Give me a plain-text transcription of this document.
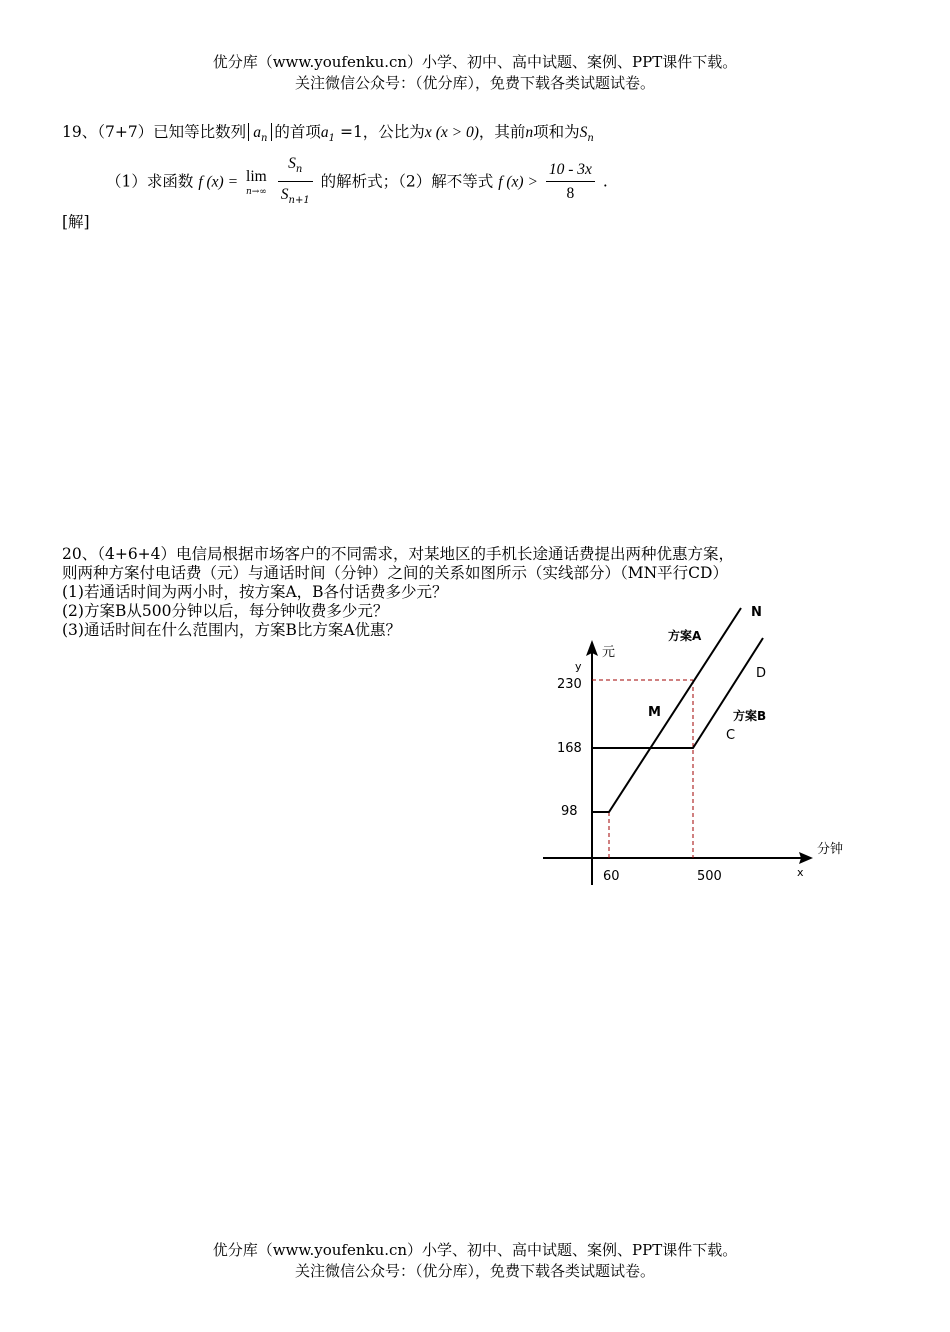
优分库（www.youfenku.cn）小学、初中、高中试题、案例、PPT课件下载。
关注微信公众号：（优分库），免费下载各类试题试卷。
19、（7+7）已知等比数列 $a_n$ 的首项$a_1 =1$，公比为x (x > 0)，其前n项和为$S_n$
（1）求函数 f (x) = lim
n→∞
$\frac{S_n}{S_{n+1}}$ 的解析式；（2）解不等式 f $(x) > \frac{10 - 3x}{8}$ .
[解]
20、（4+6+4）电信局根据市场客户的不同需求，对某地区的手机长途通话费提出两种优惠方案，
则两种方案付电话费（元）与通话时间（分钟）之间的关系如图所示（实线部分）（MN平行CD）
(1)若通话时间为两小时，按方案A，B各付话费多少元？
(2)方案B从500分钟以后，每分钟收费多少元？
(3)通话时间在什么范围内，方案B比方案A优惠？
y
元
分钟
x
230
168
98
60	500
N
方案A
M
D
方案B
C
优分库（www.youfenku.cn）小学、初中、高中试题、案例、PPT课件下载。
关注微信公众号：（优分库），免费下载各类试题试卷。
